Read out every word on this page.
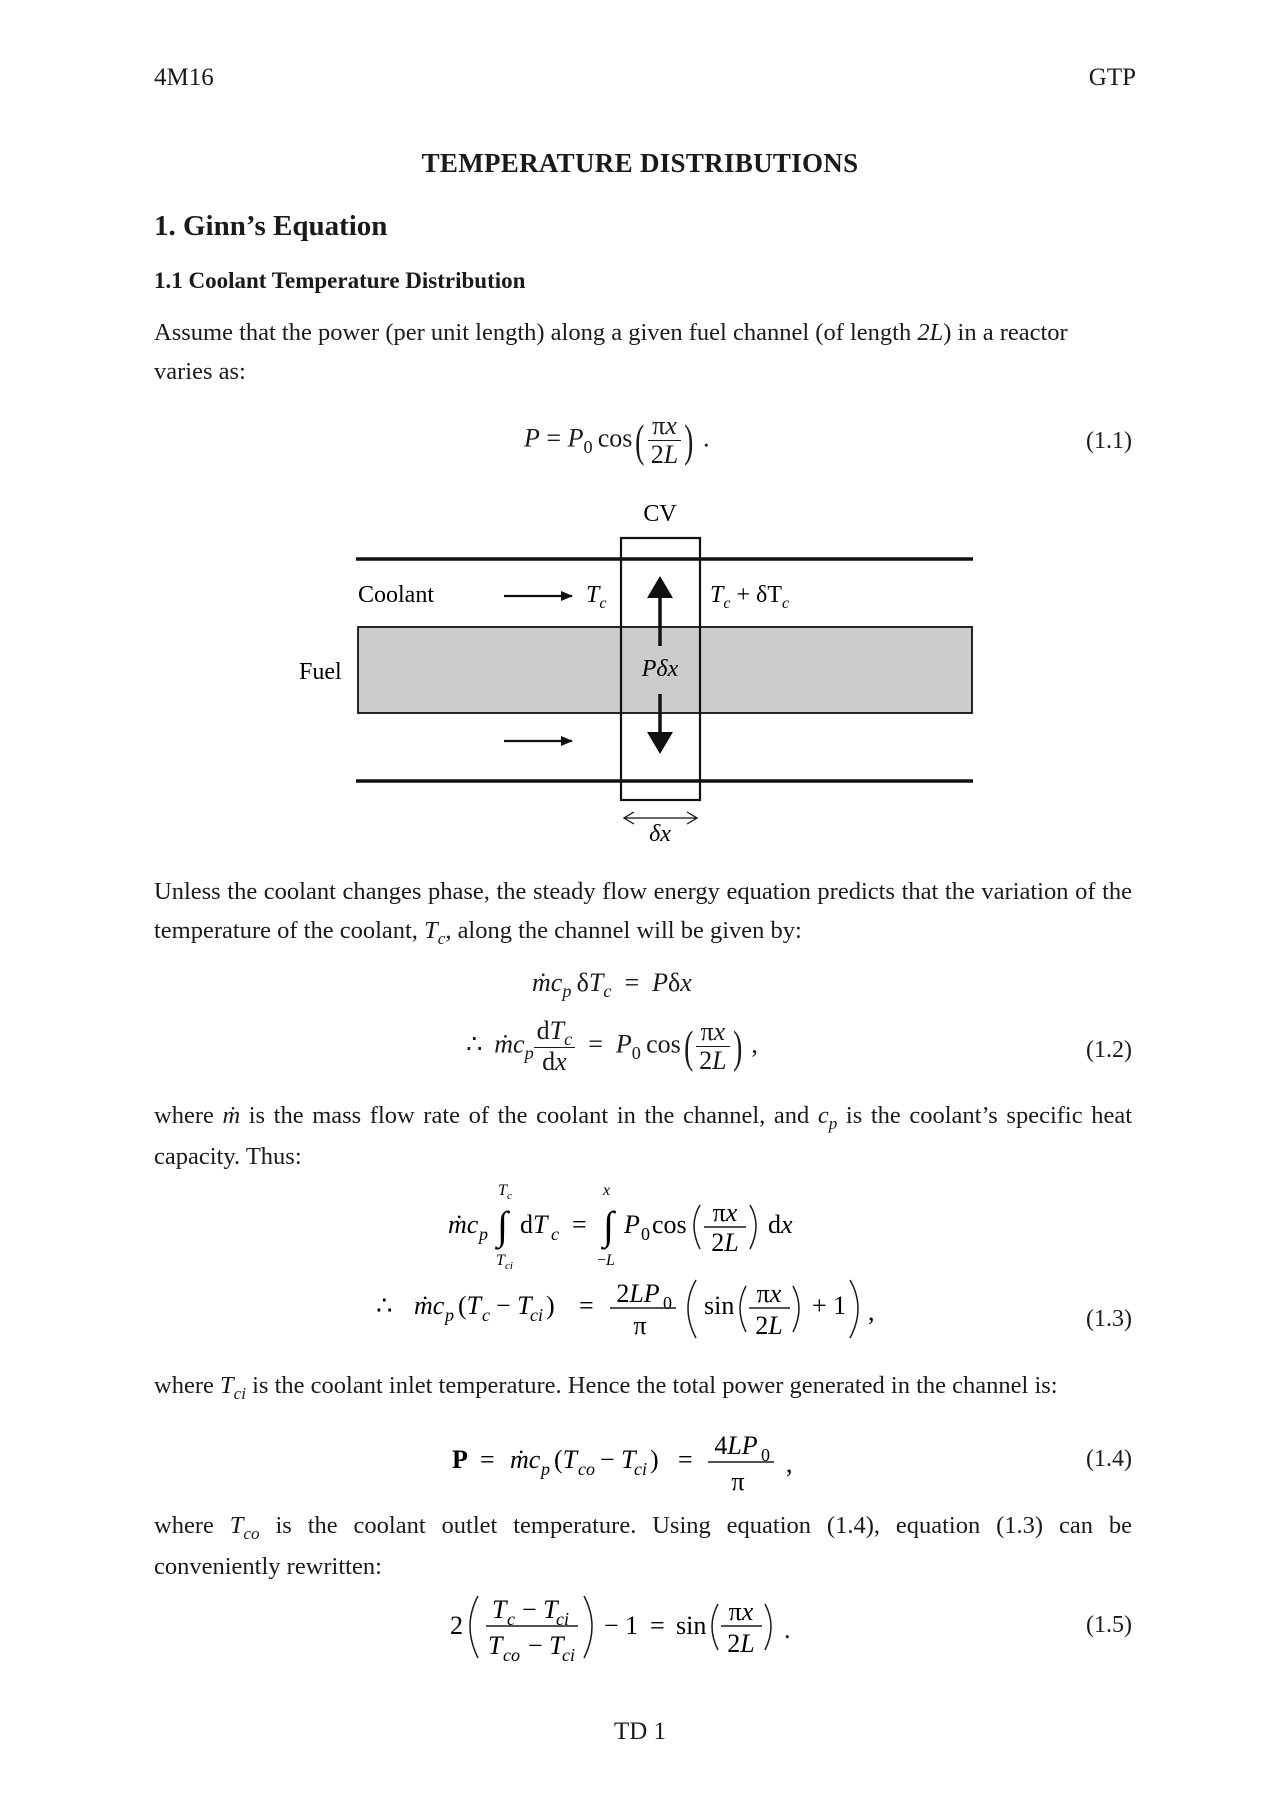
4M16	GTP
TEMPERATURE DISTRIBUTIONS
1. Ginn’s Equation
1.1 Coolant Temperature Distribution
Assume that the power (per unit length) along a given fuel channel (of length 2L) in a reactor varies as:
$P = P_0$ $\cos( \frac{\pi x}{2L}$ ) .	(1.1)
CV
Coolant
Fuel
$T_c$	$T_c + \delta T_c$
Pδx
δx
Unless the coolant changes phase, the steady flow energy equation predicts that the variation of the temperature of the coolant, $T_c$, along the channel will be given by:
ṁc$_p$ $\delta T_c = P\delta x$
∴  ṁc$_p$ $\frac{dT_c}{dx} = P_0$ $\cos( \frac{\pi x}{2L}$ ) ,	(1.2)
where ṁ is the mass flow rate of the coolant in the channel, and $c_p$ is the coolant’s specific heat capacity. Thus:
ṁc p ∫
T c
T ci
dT c = ∫
x
−L
P 0 cos πx
2L
dx
∴ ṁc p (T c − T
ci ) = 2LP 0
π
sin πx
2L
+ 1 ,	(1.3)
where $T_{ci}$ is the coolant inlet temperature. Hence the total power generated in the channel is:
P = ṁc p (T co − T
ci ) = 4LP 0
π
,	(1.4)
where $T_{co}$ is the coolant outlet temperature. Using equation (1.4), equation (1.3) can be conveniently rewritten:
2
T c − T
ci
T co − T
ci
− 1 = sin πx
2L .	(1.5)
TD 1
